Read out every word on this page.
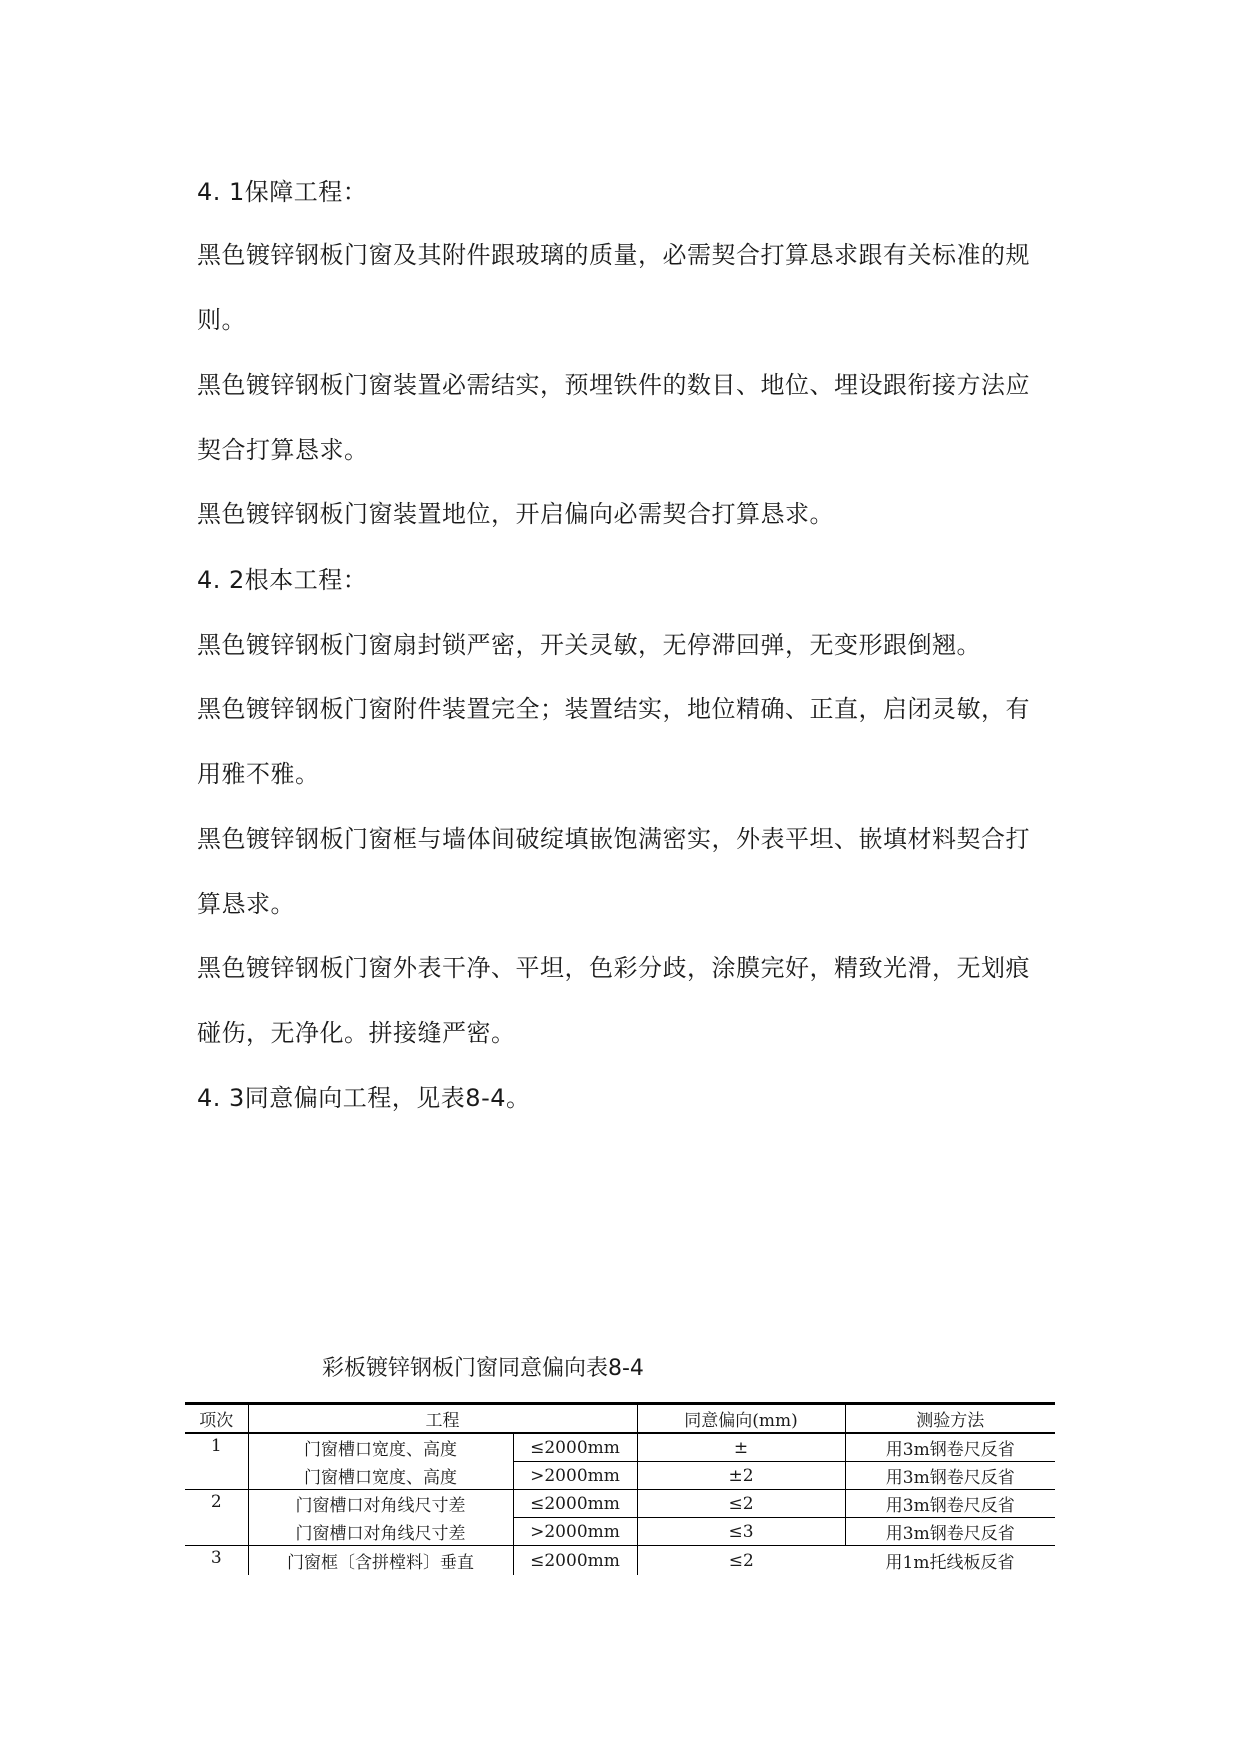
4. 1保障工程：
黑色镀锌钢板门窗及其附件跟玻璃的质量，必需契合打算恳求跟有关标准的规
则。
黑色镀锌钢板门窗装置必需结实，预埋铁件的数目、地位、埋设跟衔接方法应
契合打算恳求。
黑色镀锌钢板门窗装置地位，开启偏向必需契合打算恳求。
4. 2根本工程：
黑色镀锌钢板门窗扇封锁严密，开关灵敏，无停滞回弹，无变形跟倒翘。
黑色镀锌钢板门窗附件装置完全；装置结实，地位精确、正直，启闭灵敏，有
用雅不雅。
黑色镀锌钢板门窗框与墙体间破绽填嵌饱满密实，外表平坦、嵌填材料契合打
算恳求。
黑色镀锌钢板门窗外表干净、平坦，色彩分歧，涂膜完好，精致光滑，无划痕
碰伤，无净化。拼接缝严密。
4. 3同意偏向工程，见表8-4。
彩板镀锌钢板门窗同意偏向表8-4
项次	工程		同意偏向(mm)	测验方法
1	门窗槽口宽度、高度	≤2000mm	±	用3m钢卷尺反省
	门窗槽口宽度、高度	>2000mm	±2	用3m钢卷尺反省
2	门窗槽口对角线尺寸差	≤2000mm	≤2	用3m钢卷尺反省
	门窗槽口对角线尺寸差	>2000mm	≤3	用3m钢卷尺反省
3	门窗框〔含拼樘料〕垂直	≤2000mm	≤2	用1m托线板反省
